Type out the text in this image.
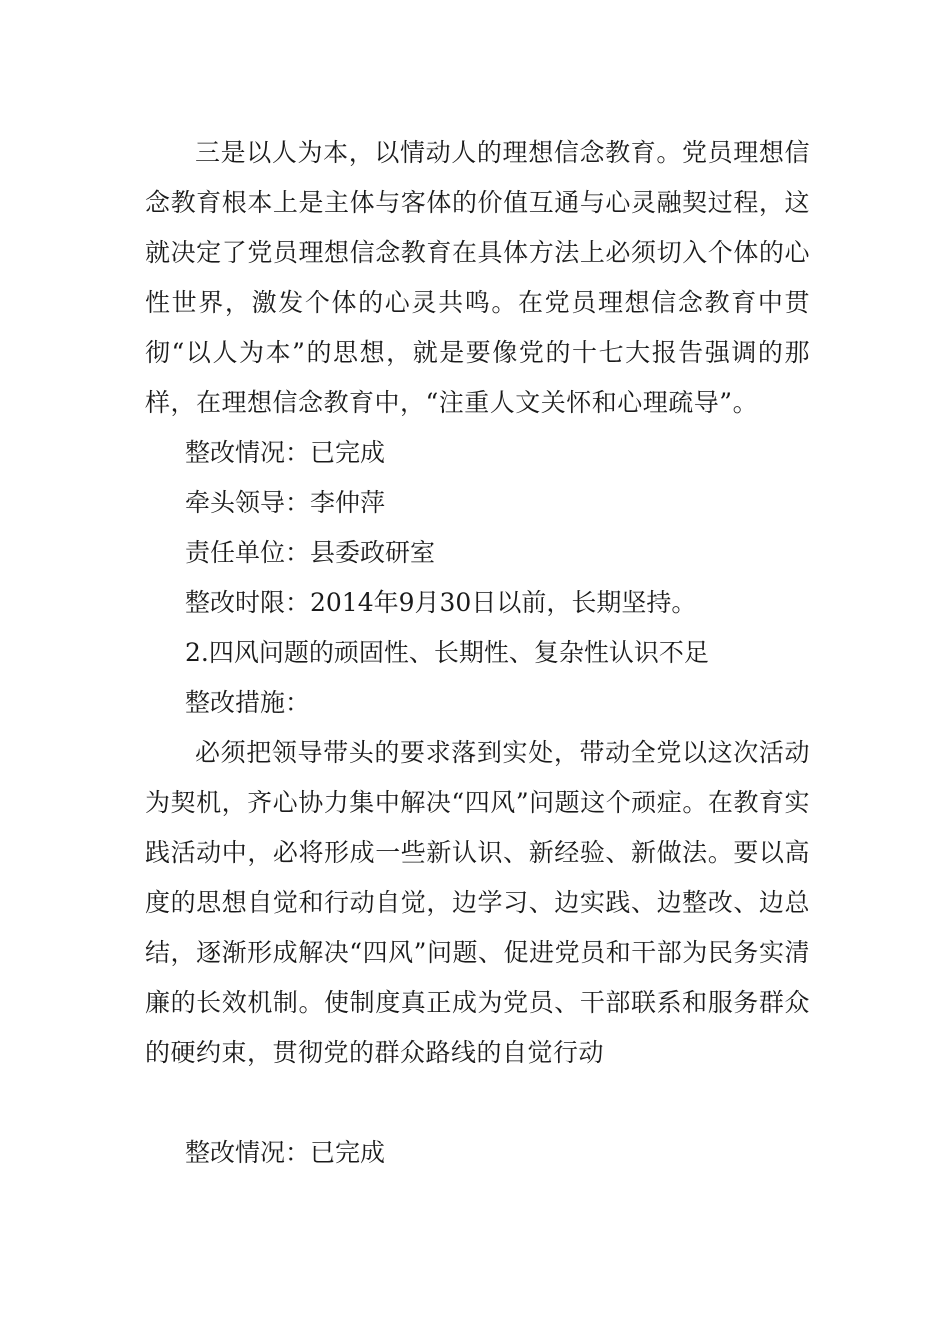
三是以人为本，以情动人的理想信念教育。党员理想信念教育根本上是主体与客体的价值互通与心灵融契过程，这就决定了党员理想信念教育在具体方法上必须切入个体的心性世界，激发个体的心灵共鸣。在党员理想信念教育中贯彻“以人为本”的思想，就是要像党的十七大报告强调的那样，在理想信念教育中，“注重人文关怀和心理疏导”。

整改情况：已完成

牵头领导：李仲萍

责任单位：县委政研室

整改时限：2014年9月30日以前，长期坚持。

2.四风问题的顽固性、长期性、复杂性认识不足

整改措施：

必须把领导带头的要求落到实处，带动全党以这次活动为契机，齐心协力集中解决“四风”问题这个顽症。在教育实践活动中，必将形成一些新认识、新经验、新做法。要以高度的思想自觉和行动自觉，边学习、边实践、边整改、边总结，逐渐形成解决“四风”问题、促进党员和干部为民务实清廉的长效机制。使制度真正成为党员、干部联系和服务群众的硬约束，贯彻党的群众路线的自觉行动

整改情况：已完成
